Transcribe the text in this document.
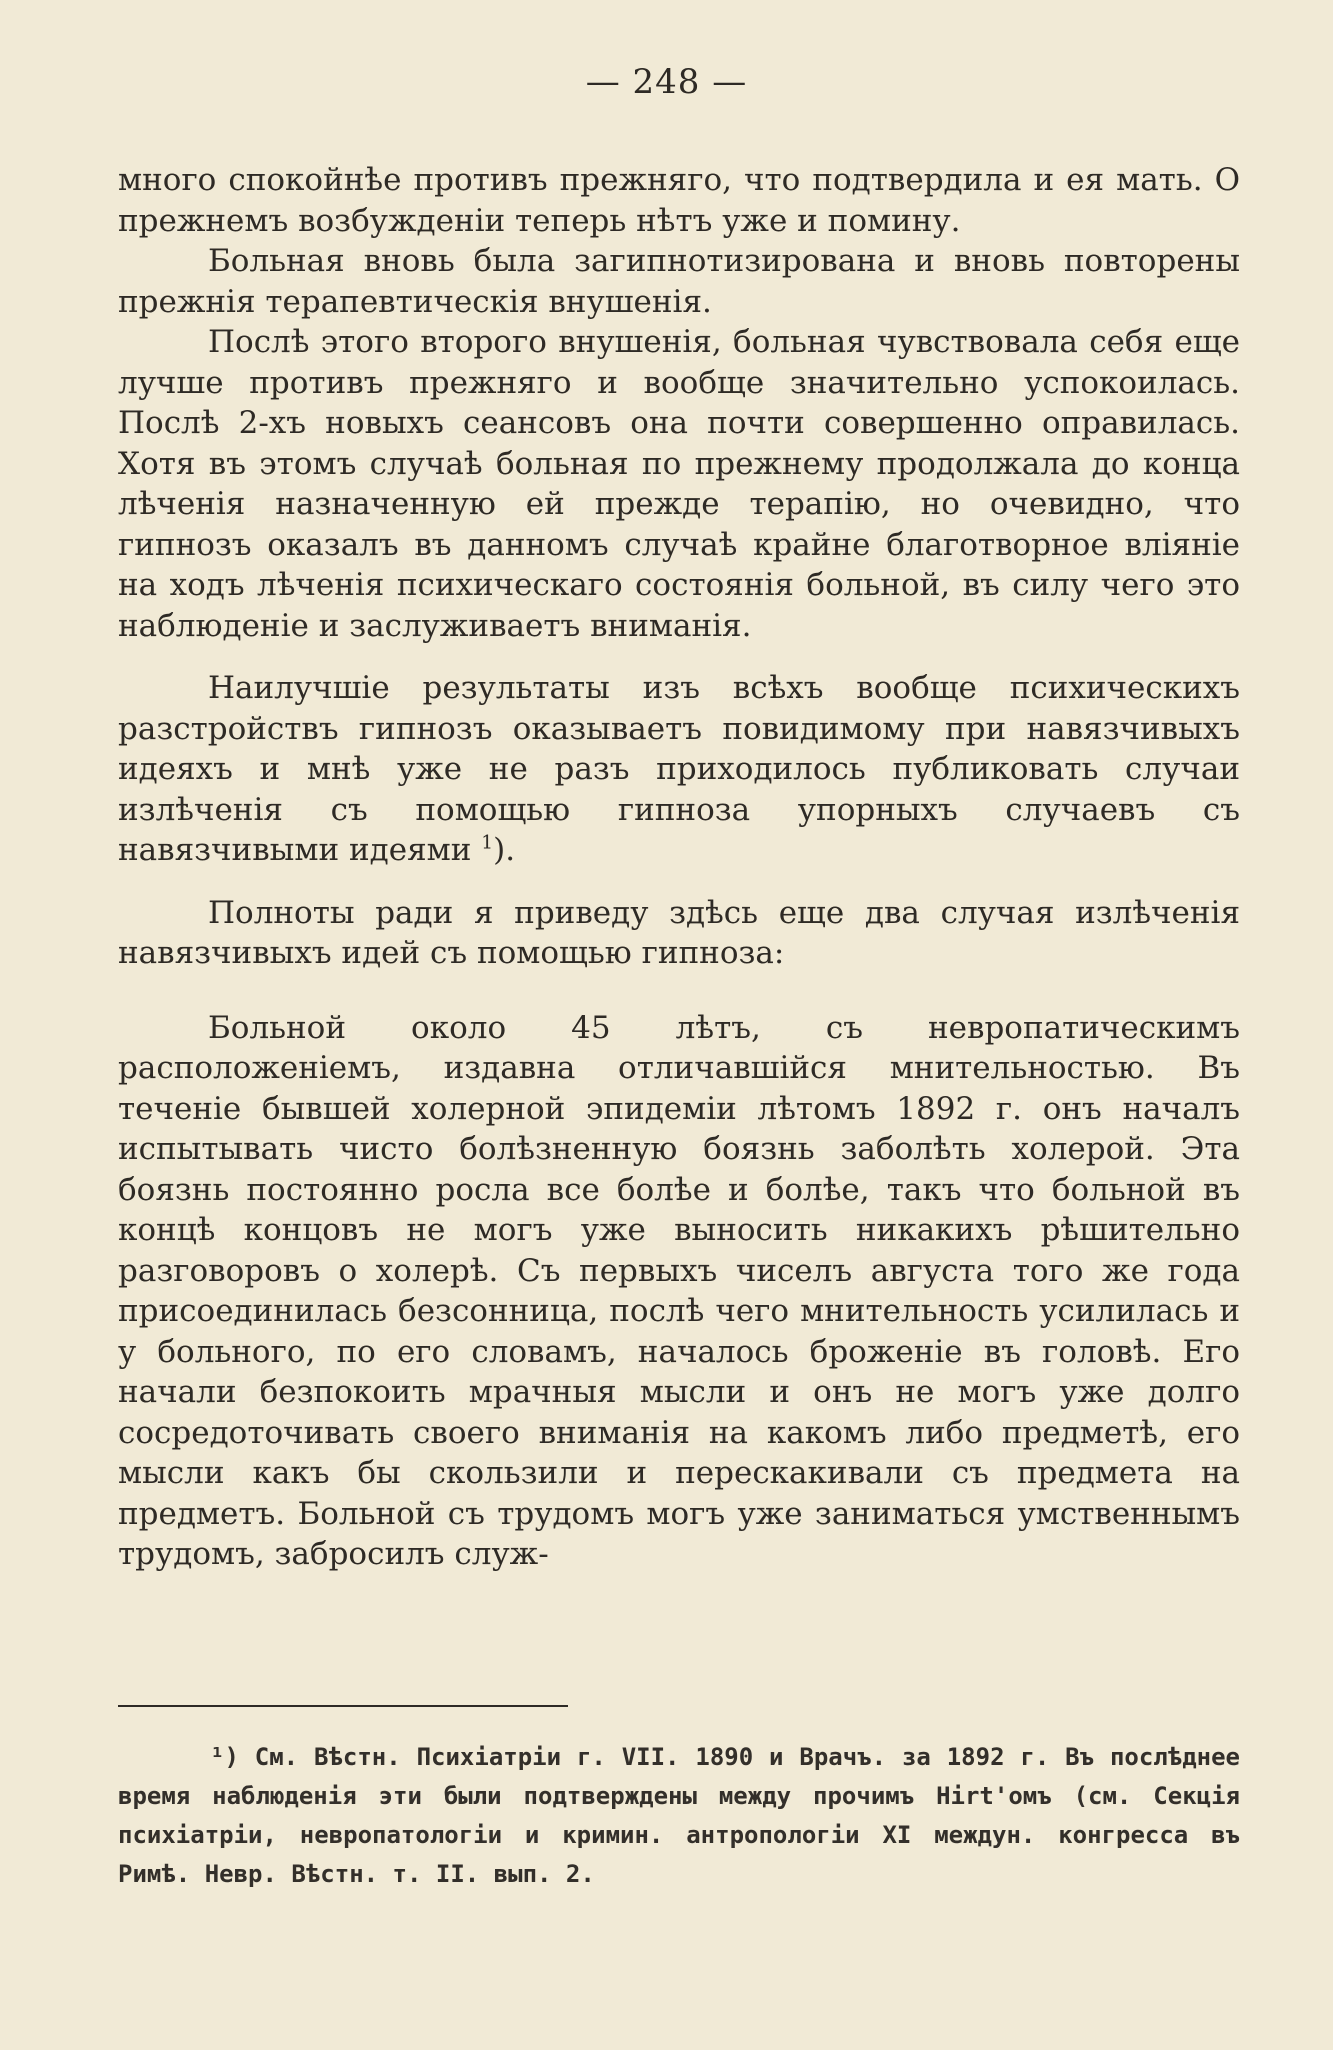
— 248 —

много спокойнѣе противъ прежняго, что подтвердила и ея мать. О прежнемъ возбужденіи теперь нѣтъ уже и помину.

Больная вновь была загипнотизирована и вновь повторены прежнія терапевтическія внушенія.

Послѣ этого второго внушенія, больная чувствовала себя еще лучше противъ прежняго и вообще значительно успокоилась. Послѣ 2-хъ новыхъ сеансовъ она почти совершенно оправилась. Хотя въ этомъ случаѣ больная по прежнему продолжала до конца лѣченія назначенную ей прежде терапію, но очевидно, что гипнозъ оказалъ въ данномъ случаѣ крайне благотворное вліяніе на ходъ лѣченія психическаго состоянія больной, въ силу чего это наблюденіе и заслуживаетъ вниманія.

Наилучшіе результаты изъ всѣхъ вообще психическихъ разстройствъ гипнозъ оказываетъ повидимому при навязчивыхъ идеяхъ и мнѣ уже не разъ приходилось публиковать случаи излѣченія съ помощью гипноза упорныхъ случаевъ съ навязчивыми идеями $^1$).

Полноты ради я приведу здѣсь еще два случая излѣченія навязчивыхъ идей съ помощью гипноза:

Больной около 45 лѣтъ, съ невропатическимъ расположеніемъ, издавна отличавшійся мнительностью. Въ теченіе бывшей холерной эпидеміи лѣтомъ 1892 г. онъ началъ испытывать чисто болѣзненную боязнь заболѣть холерой. Эта боязнь постоянно росла все болѣе и болѣе, такъ что больной въ концѣ концовъ не могъ уже выносить никакихъ рѣшительно разговоровъ о холерѣ. Съ первыхъ чиселъ августа того же года присоединилась безсонница, послѣ чего мнительность усилилась и у больного, по его словамъ, началось броженіе въ головѣ. Его начали безпокоить мрачныя мысли и онъ не могъ уже долго сосредоточивать своего вниманія на какомъ либо предметѣ, его мысли какъ бы скользили и перескакивали съ предмета на предметъ. Больной съ трудомъ могъ уже заниматься умственнымъ трудомъ, забросилъ служ-

¹) См. Вѣстн. Психіатріи г. VII. 1890 и Врачъ. за 1892 г. Въ послѣднее время наблюденія эти были подтверждены между прочимъ Hirt'омъ (см. Секція психіатріи, невропатологіи и кримин. антропологіи XI междун. конгресса въ Римѣ. Невр. Вѣстн. т. II. вып. 2.
